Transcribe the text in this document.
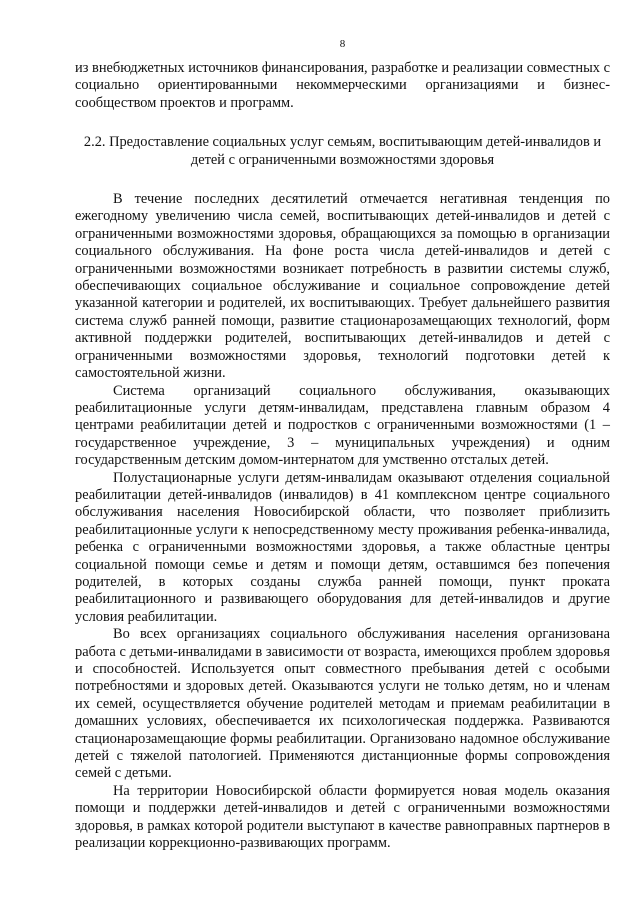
8

из внебюджетных источников финансирования, разработке и реализации совместных с социально ориентированными некоммерческими организациями и бизнес-сообществом проектов и программ.

2.2. Предоставление социальных услуг семьям, воспитывающим детей-инвалидов и детей с ограниченными возможностями здоровья

В течение последних десятилетий отмечается негативная тенденция по ежегодному увеличению числа семей, воспитывающих детей-инвалидов и детей с ограниченными возможностями здоровья, обращающихся за помощью в организации социального обслуживания. На фоне роста числа детей-инвалидов и детей с ограниченными возможностями возникает потребность в развитии системы служб, обеспечивающих социальное обслуживание и социальное сопровождение детей указанной категории и родителей, их воспитывающих. Требует дальнейшего развития система служб ранней помощи, развитие стационарозамещающих технологий, форм активной поддержки родителей, воспитывающих детей-инвалидов и детей с ограниченными возможностями здоровья, технологий подготовки детей к самостоятельной жизни.

Система организаций социального обслуживания, оказывающих реабилитационные услуги детям-инвалидам, представлена главным образом 4 центрами реабилитации детей и подростков с ограниченными возможностями (1 – государственное учреждение, 3 – муниципальных учреждения) и одним государственным детским домом-интернатом для умственно отсталых детей.

Полустационарные услуги детям-инвалидам оказывают отделения социальной реабилитации детей-инвалидов (инвалидов) в 41 комплексном центре социального обслуживания населения Новосибирской области, что позволяет приблизить реабилитационные услуги к непосредственному месту проживания ребенка-инвалида, ребенка с ограниченными возможностями здоровья, а также областные центры социальной помощи семье и детям и помощи детям, оставшимся без попечения родителей, в которых созданы служба ранней помощи, пункт проката реабилитационного и развивающего оборудования для детей-инвалидов и другие условия реабилитации.

Во всех организациях социального обслуживания населения организована работа с детьми-инвалидами в зависимости от возраста, имеющихся проблем здоровья и способностей. Используется опыт совместного пребывания детей с особыми потребностями и здоровых детей. Оказываются услуги не только детям, но и членам их семей, осуществляется обучение родителей методам и приемам реабилитации в домашних условиях, обеспечивается их психологическая поддержка. Развиваются стационарозамещающие формы реабилитации. Организовано надомное обслуживание детей с тяжелой патологией. Применяются дистанционные формы сопровождения семей с детьми.

На территории Новосибирской области формируется новая модель оказания помощи и поддержки детей-инвалидов и детей с ограниченными возможностями здоровья, в рамках которой родители выступают в качестве равноправных партнеров в реализации коррекционно-развивающих программ.
